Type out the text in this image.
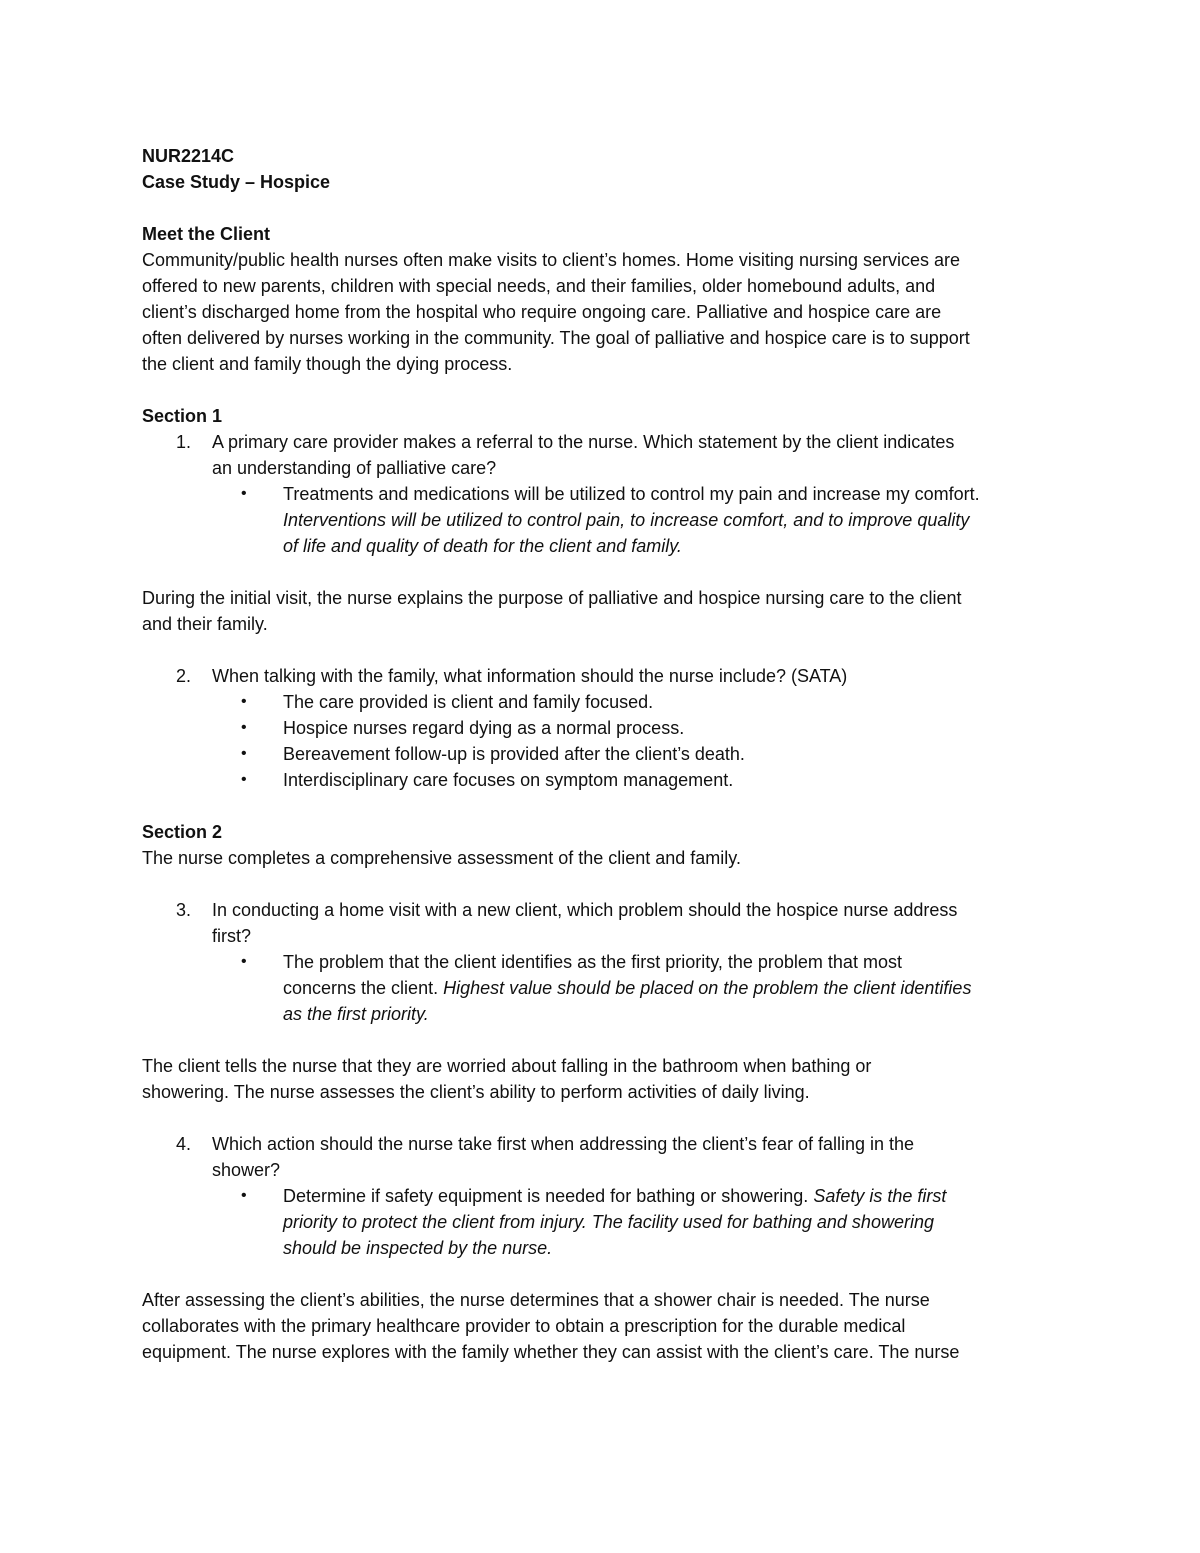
NUR2214C
Case Study – Hospice
Meet the Client
Community/public health nurses often make visits to client’s homes. Home visiting nursing services are
offered to new parents, children with special needs, and their families, older homebound adults, and
client’s discharged home from the hospital who require ongoing care. Palliative and hospice care are
often delivered by nurses working in the community. The goal of palliative and hospice care is to support
the client and family though the dying process.
Section 1
1. A primary care provider makes a referral to the nurse. Which statement by the client indicates
an understanding of palliative care?
• Treatments and medications will be utilized to control my pain and increase my comfort.
Interventions will be utilized to control pain, to increase comfort, and to improve quality
of life and quality of death for the client and family.
During the initial visit, the nurse explains the purpose of palliative and hospice nursing care to the client
and their family.
2. When talking with the family, what information should the nurse include? (SATA)
• The care provided is client and family focused.
• Hospice nurses regard dying as a normal process.
• Bereavement follow-up is provided after the client’s death.
• Interdisciplinary care focuses on symptom management.
Section 2
The nurse completes a comprehensive assessment of the client and family.
3. In conducting a home visit with a new client, which problem should the hospice nurse address
first?
• The problem that the client identifies as the first priority, the problem that most
concerns the client. Highest value should be placed on the problem the client identifies
as the first priority.
The client tells the nurse that they are worried about falling in the bathroom when bathing or
showering. The nurse assesses the client’s ability to perform activities of daily living.
4. Which action should the nurse take first when addressing the client’s fear of falling in the
shower?
• Determine if safety equipment is needed for bathing or showering. Safety is the first
priority to protect the client from injury. The facility used for bathing and showering
should be inspected by the nurse.
After assessing the client’s abilities, the nurse determines that a shower chair is needed. The nurse
collaborates with the primary healthcare provider to obtain a prescription for the durable medical
equipment. The nurse explores with the family whether they can assist with the client’s care. The nurse
